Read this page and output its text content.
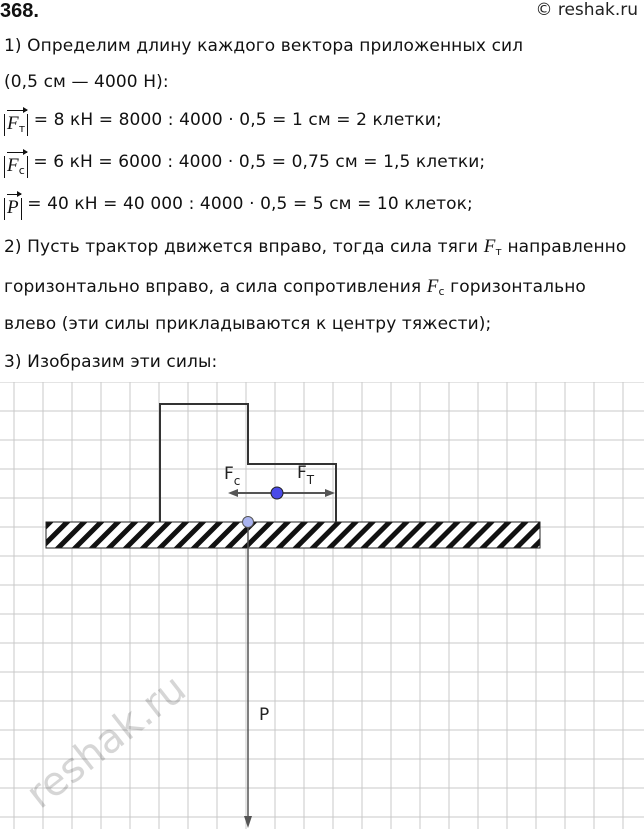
368.	© reshak.ru
1) Определим длину каждого вектора приложенных сил
(0,5 см — 4000 Н):
$F_т = 8$ кН = 8000 : 4000 · 0,5 = 1 см = 2 клетки;
$F_c = 6$ кН = 6000 : 4000 · 0,5 = 0,75 см = 1,5 клетки;
P = 40 кН = 40 000 : 4000 · 0,5 = 5 см = 10 клеток;
2) Пусть трактор движется вправо, тогда сила тяги $F_т$ направленно
горизонтально вправо, а сила сопротивления $F_c$ горизонтально
влево (эти силы прикладываются к центру тяжести);
3) Изобразим эти силы:
$F_c$	$F_T$
P
reshak.ru
